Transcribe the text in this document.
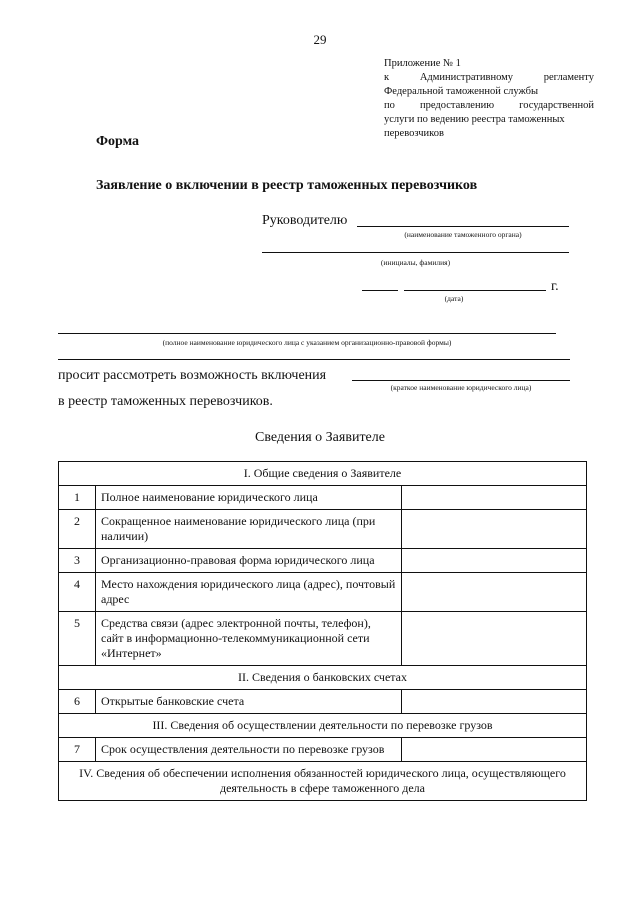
29
Приложение № 1
к	Административному	регламенту
Федеральной таможенной службы
по предоставлению государственной
услуги по ведению реестра таможенных
перевозчиков
Форма
Заявление о включении в реестр таможенных перевозчиков
Руководителю
(наименование таможенного органа)
(инициалы, фамилия)
г.
(дата)
(полное наименование юридического лица с указанием организационно-правовой формы)
просит рассмотреть возможность включения
(краткое наименование юридического лица)
в реестр таможенных перевозчиков.
Сведения о Заявителе
I. Общие сведения о Заявителе		
1	Полное наименование юридического лица	
2	Сокращенное наименование юридического лица (при наличии)	
3	Организационно-правовая форма юридического лица	
4	Место нахождения юридического лица (адрес), почтовый адрес	
5	Средства связи (адрес электронной почты, телефон), сайт в информационно-телекоммуникационной сети «Интернет»	
II. Сведения о банковских счетах		
6	Открытые банковские счета	
III. Сведения об осуществлении деятельности по перевозке грузов		
7	Срок осуществления деятельности по перевозке грузов	
IV. Сведения об обеспечении исполнения обязанностей юридического лица, осуществляющего деятельность в сфере таможенного дела		
